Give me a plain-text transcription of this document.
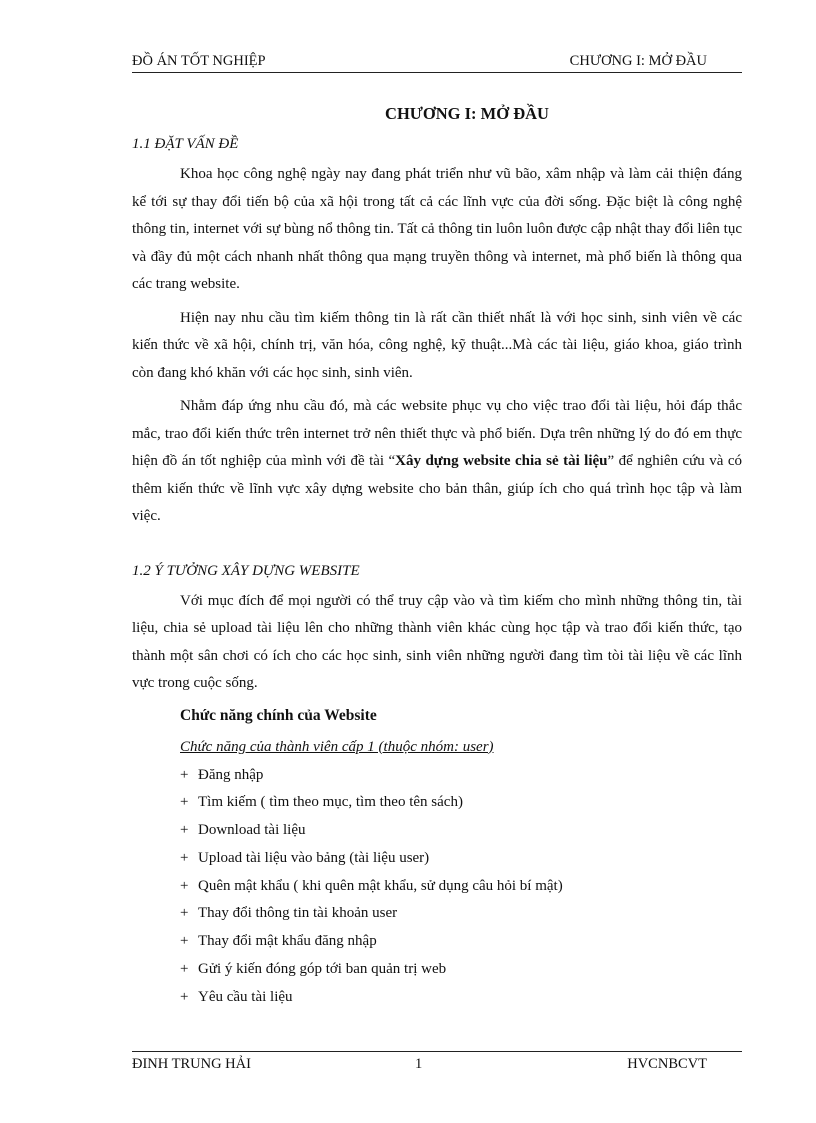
ĐỒ ÁN TỐT NGHIỆP	CHƯƠNG I: MỞ ĐẦU
CHƯƠNG I: MỞ ĐẦU
1.1 ĐẶT VẤN ĐỀ

Khoa học công nghệ ngày nay đang phát triển như vũ bão, xâm nhập và làm cải thiện đáng kể tới sự thay đổi tiến bộ của xã hội trong tất cả các lĩnh vực của đời sống. Đặc biệt là công nghệ thông tin, internet với sự bùng nổ thông tin. Tất cả thông tin luôn luôn được cập nhật thay đổi liên tục và đầy đủ một cách nhanh nhất thông qua mạng truyền thông và internet, mà phổ biến là thông qua các trang website.

Hiện nay nhu cầu tìm kiếm thông tin là rất cần thiết nhất là với học sinh, sinh viên về các kiến thức về xã hội, chính trị, văn hóa, công nghệ, kỹ thuật...Mà các tài liệu, giáo khoa, giáo trình còn đang khó khăn với các học sinh, sinh viên.

Nhằm đáp ứng nhu cầu đó, mà các website phục vụ cho việc trao đổi tài liệu, hỏi đáp thắc mắc, trao đổi kiến thức trên internet trở nên thiết thực và phổ biến. Dựa trên những lý do đó em thực hiện đồ án tốt nghiệp của mình với đề tài “Xây dựng website chia sẻ tài liệu” để nghiên cứu và có thêm kiến thức về lĩnh vực xây dựng website cho bản thân, giúp ích cho quá trình học tập và làm việc.

1.2 Ý TƯỞNG XÂY DỰNG WEBSITE

Với mục đích để mọi người có thể truy cập vào và tìm kiếm cho mình những thông tin, tài liệu, chia sẻ upload tài liệu lên cho những thành viên khác cùng học tập và trao đổi kiến thức, tạo thành một sân chơi có ích cho các học sinh, sinh viên những người đang tìm tòi tài liệu về các lĩnh vực trong cuộc sống.

Chức năng chính của Website
Chức năng của thành viên cấp 1 (thuộc nhóm: user)
+ Đăng nhập
+ Tìm kiếm ( tìm theo mục, tìm theo tên sách)
+ Download tài liệu
+ Upload tài liệu vào bảng (tài liệu user)
+ Quên mật khẩu ( khi quên mật khẩu, sử dụng câu hỏi bí mật)
+ Thay đổi thông tin tài khoản user
+ Thay đổi mật khẩu đăng nhập
+ Gửi ý kiến đóng góp tới ban quản trị web
+ Yêu cầu tài liệu
ĐINH TRUNG HẢI	1	HVCNBCVT
